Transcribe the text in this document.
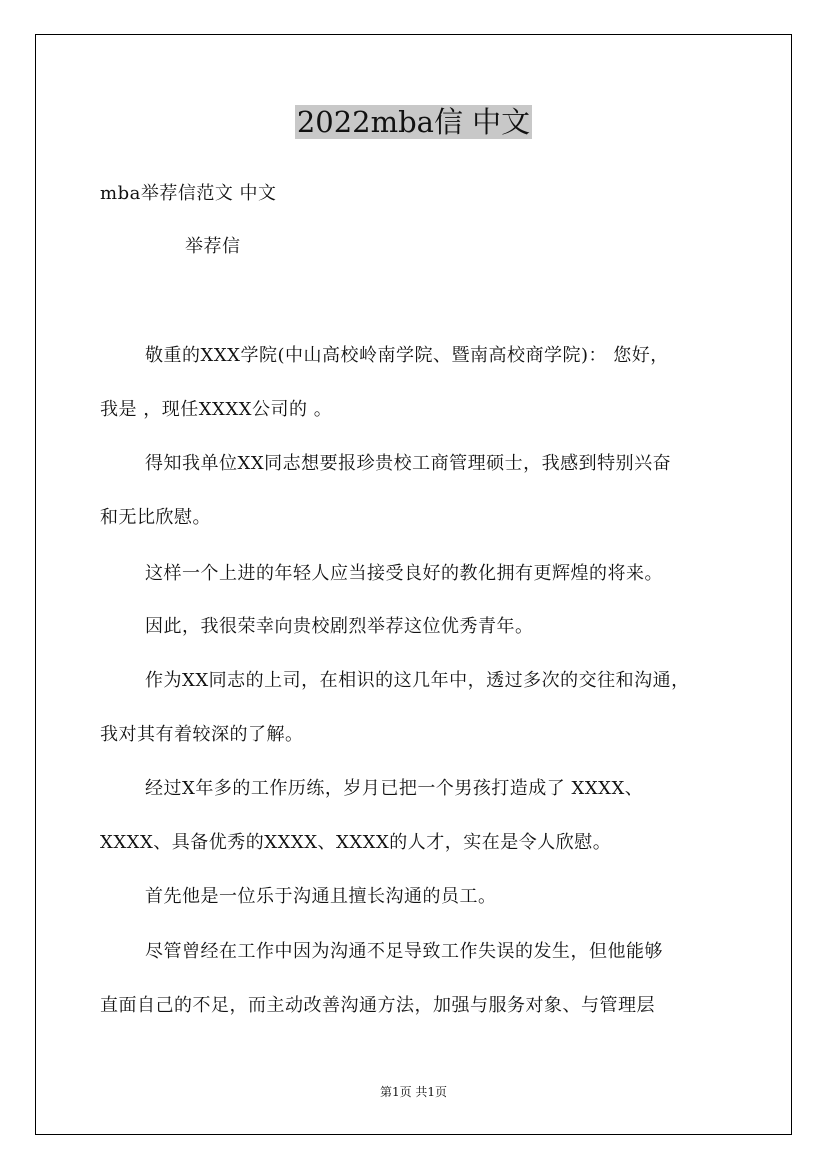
2022mba信 中文
mba举荐信范文 中文
举荐信
敬重的XXX学院(中山高校岭南学院、暨南高校商学院)： 您好，
我是 ，现任XXXX公司的 。
得知我单位XX同志想要报珍贵校工商管理硕士，我感到特别兴奋
和无比欣慰。
这样一个上进的年轻人应当接受良好的教化拥有更辉煌的将来。
因此，我很荣幸向贵校剧烈举荐这位优秀青年。
作为XX同志的上司，在相识的这几年中，透过多次的交往和沟通，
我对其有着较深的了解。
经过X年多的工作历练，岁月已把一个男孩打造成了 XXXX、
XXXX、具备优秀的XXXX、XXXX的人才，实在是令人欣慰。
首先他是一位乐于沟通且擅长沟通的员工。
尽管曾经在工作中因为沟通不足导致工作失误的发生，但他能够
直面自己的不足，而主动改善沟通方法，加强与服务对象、与管理层
第1页 共1页
